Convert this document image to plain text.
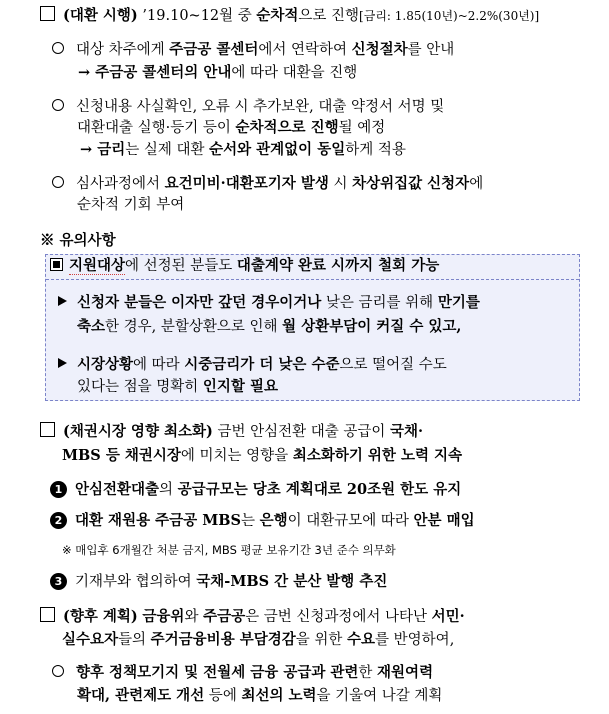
(대환 시행) ’19.10~12월 중 순차적으로 진행[금리: 1.85(10년)~2.2%(30년)]
대상 차주에게 주금공 콜센터에서 연락하여 신청절차를 안내
→ 주금공 콜센터의 안내에 따라 대환을 진행
신청내용 사실확인, 오류 시 추가보완, 대출 약정서 서명 및
대환대출 실행·등기 등이 순차적으로 진행될 예정
→ 금리는 실제 대환 순서와 관계없이 동일하게 적용
심사과정에서 요건미비·대환포기자 발생 시 차상위집값 신청자에
순차적 기회 부여
※ 유의사항
지원대상에 선정된 분들도 대출계약 완료 시까지 철회 가능
신청자 분들은 이자만 갚던 경우이거나 낮은 금리를 위해 만기를
축소한 경우, 분할상환으로 인해 월 상환부담이 커질 수 있고,
시장상황에 따라 시중금리가 더 낮은 수준으로 떨어질 수도
있다는 점을 명확히 인지할 필요
(채권시장 영향 최소화) 금번 안심전환 대출 공급이 국채·
MBS 등 채권시장에 미치는 영향을 최소화하기 위한 노력 지속
1 안심전환대출의 공급규모는 당초 계획대로 20조원 한도 유지
2 대환 재원용 주금공 MBS는 은행이 대환규모에 따라 안분 매입
※ 매입후 6개월간 처분 금지, MBS 평균 보유기간 3년 준수 의무화
3 기재부와 협의하여 국채-MBS 간 분산 발행 추진
(향후 계획) 금융위와 주금공은 금번 신청과정에서 나타난 서민·
실수요자들의 주거금융비용 부담경감을 위한 수요를 반영하여,
향후 정책모기지 및 전월세 금융 공급과 관련한 재원여력
확대, 관련제도 개선 등에 최선의 노력을 기울여 나갈 계획
